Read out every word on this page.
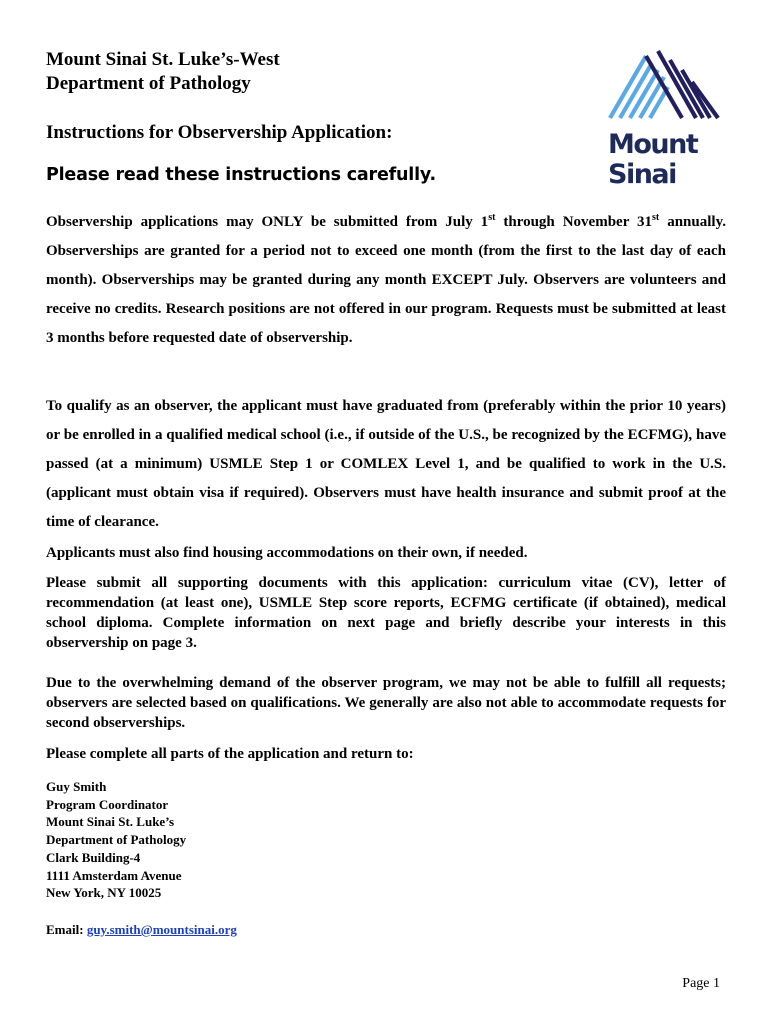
Mount Sinai St. Luke’s-West
Department of Pathology
Instructions for Observership Application:
Please read these instructions carefully.
Mount
Sinai
Observership applications may ONLY be submitted from July 1st through November 31st annually. Observerships are granted for a period not to exceed one month (from the first to the last day of each month). Observerships may be granted during any month EXCEPT July. Observers are volunteers and receive no credits. Research positions are not offered in our program. Requests must be submitted at least 3 months before requested date of observership.
To qualify as an observer, the applicant must have graduated from (preferably within the prior 10 years) or be enrolled in a qualified medical school (i.e., if outside of the U.S., be recognized by the ECFMG), have passed (at a minimum) USMLE Step 1 or COMLEX Level 1, and be qualified to work in the U.S. (applicant must obtain visa if required). Observers must have health insurance and submit proof at the time of clearance.
Applicants must also find housing accommodations on their own, if needed.
Please submit all supporting documents with this application: curriculum vitae (CV), letter of recommendation (at least one), USMLE Step score reports, ECFMG certificate (if obtained), medical school diploma. Complete information on next page and briefly describe your interests in this observership on page 3.
Due to the overwhelming demand of the observer program, we may not be able to fulfill all requests; observers are selected based on qualifications. We generally are also not able to accommodate requests for second observerships.
Please complete all parts of the application and return to:
Guy Smith
Program Coordinator
Mount Sinai St. Luke’s
Department of Pathology
Clark Building-4
1111 Amsterdam Avenue
New York, NY 10025
Email: guy.smith@mountsinai.org
Page 1
